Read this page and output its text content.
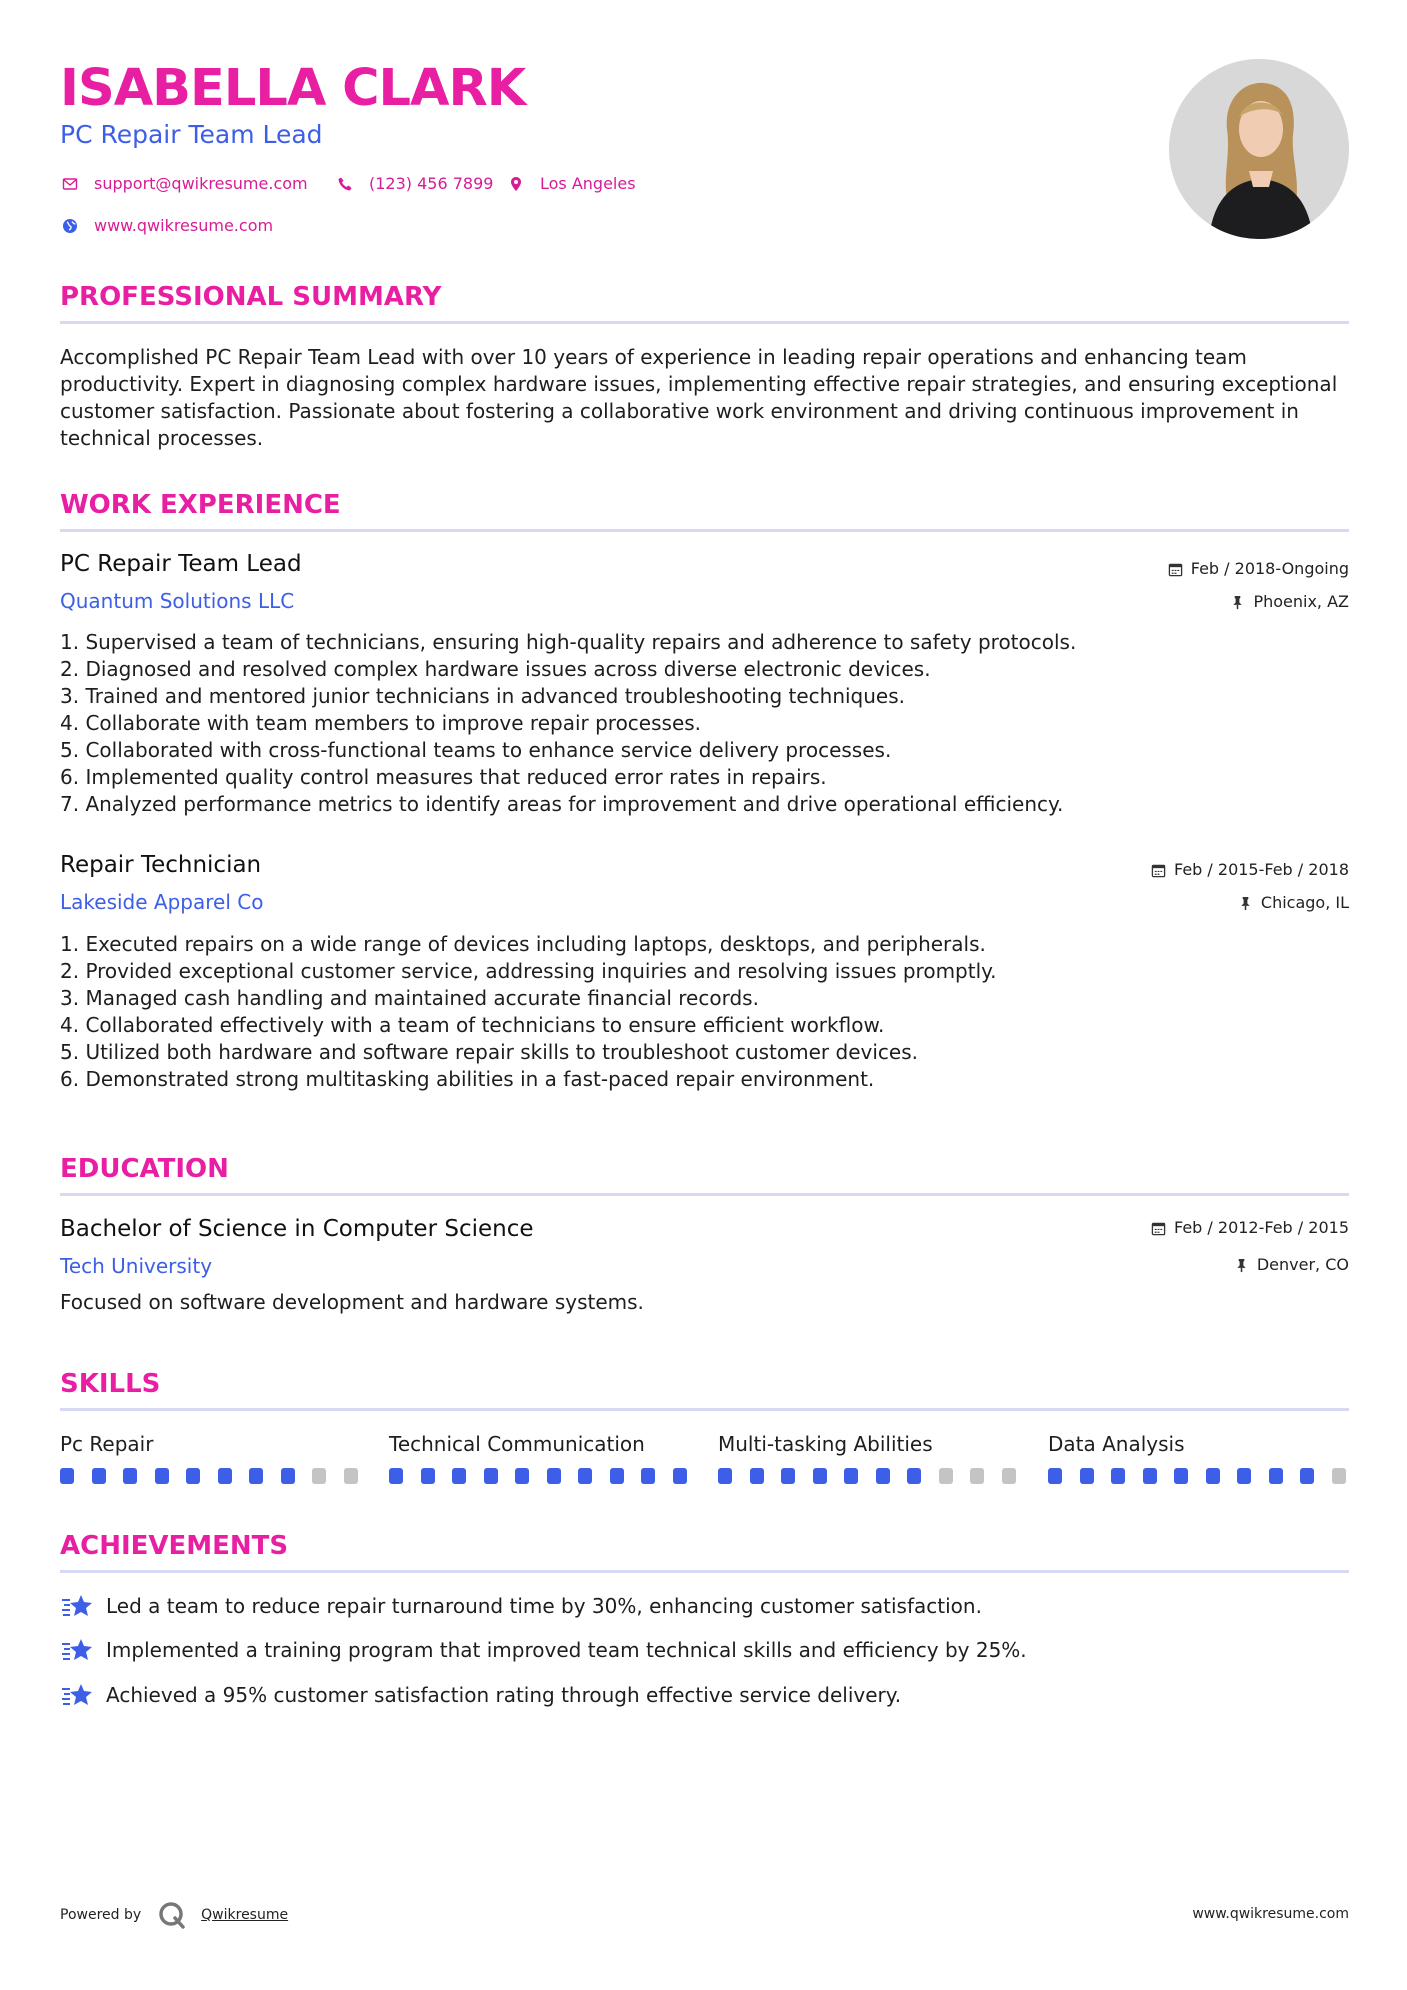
ISABELLA CLARK
PC Repair Team Lead
support@qwikresume.com	(123) 456 7899	Los Angeles
www.qwikresume.com
PROFESSIONAL SUMMARY
Accomplished PC Repair Team Lead with over 10 years of experience in leading repair operations and enhancing team productivity. Expert in diagnosing complex hardware issues, implementing effective repair strategies, and ensuring exceptional customer satisfaction. Passionate about fostering a collaborative work environment and driving continuous improvement in technical processes.
WORK EXPERIENCE
PC Repair Team Lead
Quantum Solutions LLC
Feb / 2018-Ongoing
Phoenix, AZ
1. Supervised a team of technicians, ensuring high-quality repairs and adherence to safety protocols.
2. Diagnosed and resolved complex hardware issues across diverse electronic devices.
3. Trained and mentored junior technicians in advanced troubleshooting techniques.
4. Collaborate with team members to improve repair processes.
5. Collaborated with cross-functional teams to enhance service delivery processes.
6. Implemented quality control measures that reduced error rates in repairs.
7. Analyzed performance metrics to identify areas for improvement and drive operational efficiency.
Repair Technician
Lakeside Apparel Co
Feb / 2015-Feb / 2018
Chicago, IL
1. Executed repairs on a wide range of devices including laptops, desktops, and peripherals.
2. Provided exceptional customer service, addressing inquiries and resolving issues promptly.
3. Managed cash handling and maintained accurate financial records.
4. Collaborated effectively with a team of technicians to ensure efficient workflow.
5. Utilized both hardware and software repair skills to troubleshoot customer devices.
6. Demonstrated strong multitasking abilities in a fast-paced repair environment.
EDUCATION
Bachelor of Science in Computer Science
Tech University
Feb / 2012-Feb / 2015
Denver, CO
Focused on software development and hardware systems.
SKILLS
Pc Repair	Technical Communication	Multi-tasking Abilities	Data Analysis
ACHIEVEMENTS
Led a team to reduce repair turnaround time by 30%, enhancing customer satisfaction.
Implemented a training program that improved team technical skills and efficiency by 25%.
Achieved a 95% customer satisfaction rating through effective service delivery.
Powered by	Qwikresume	www.qwikresume.com
